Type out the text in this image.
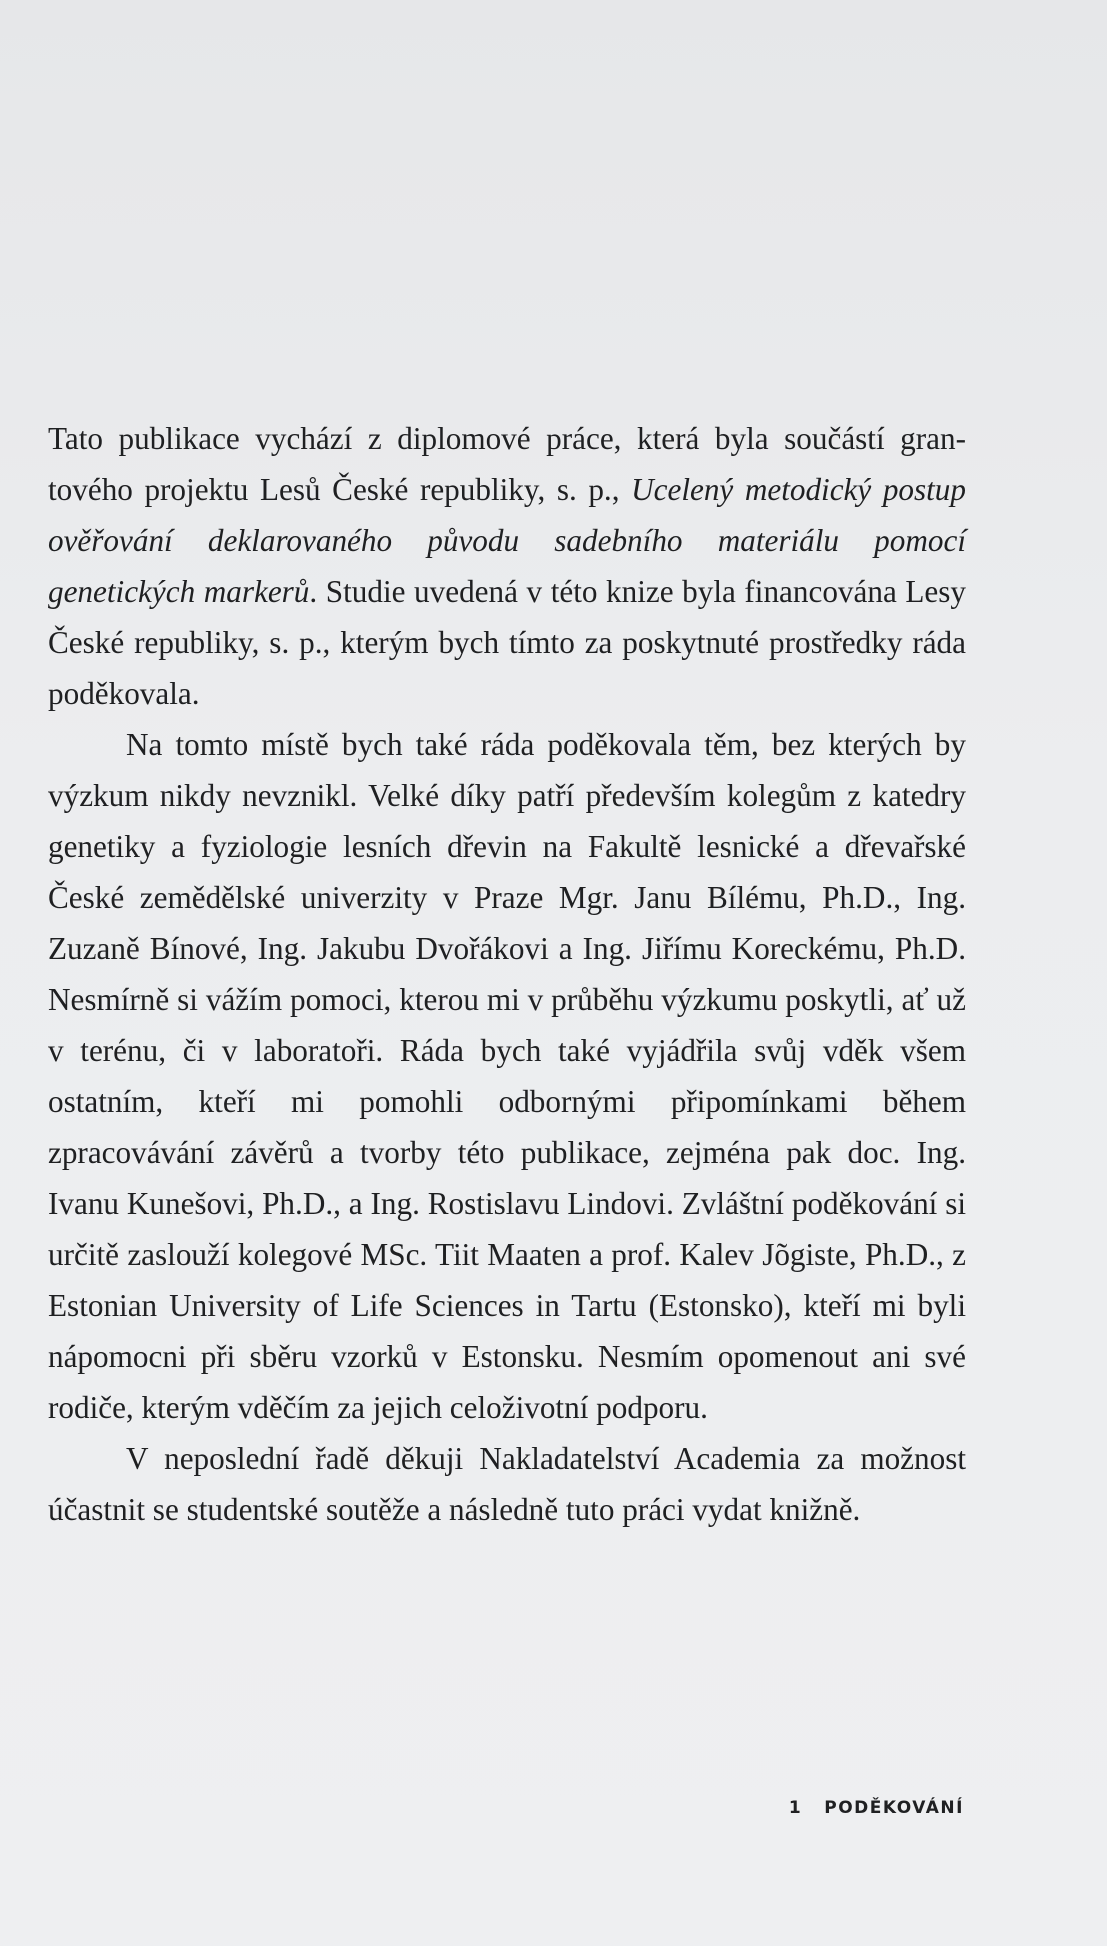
Tato publikace vychází z diplomové práce, která byla součástí grantového projektu Lesů České republiky, s. p., Ucelený metodický postup ověřování deklarovaného původu sadebního materiálu pomocí genetických markerů. Studie uvedená v této knize byla financována Lesy České republiky, s. p., kterým bych tímto za poskytnuté prostředky ráda poděkovala.

Na tomto místě bych také ráda poděkovala těm, bez kterých by výzkum nikdy nevznikl. Velké díky patří především kolegům z katedry genetiky a fyziologie lesních dřevin na Fakultě lesnické a dřevařské České zemědělské univerzity v Praze Mgr. Janu Bílému, Ph.D., Ing. Zuzaně Bínové, Ing. Jakubu Dvořákovi a Ing. Jiřímu Koreckému, Ph.D. Nesmírně si vážím pomoci, kterou mi v průběhu výzkumu poskytli, ať už v terénu, či v laboratoři. Ráda bych také vyjádřila svůj vděk všem ostatním, kteří mi pomohli odbornými připomínkami během zpracovávání závěrů a tvorby této publikace, zejména pak doc. Ing. Ivanu Kunešovi, Ph.D., a Ing. Rostislavu Lindovi. Zvláštní poděkování si určitě zaslouží kolegové MSc. Tiit Maaten a prof. Kalev Jõgiste, Ph.D., z Estonian University of Life Sciences in Tartu (Estonsko), kteří mi byli nápomocni při sběru vzorků v Estonsku. Nesmím opomenout ani své rodiče, kterým vděčím za jejich celoživotní podporu.

V neposlední řadě děkuji Nakladatelství Academia za možnost účastnit se studentské soutěže a následně tuto práci vydat knižně.

1 PODĚKOVÁNÍ
